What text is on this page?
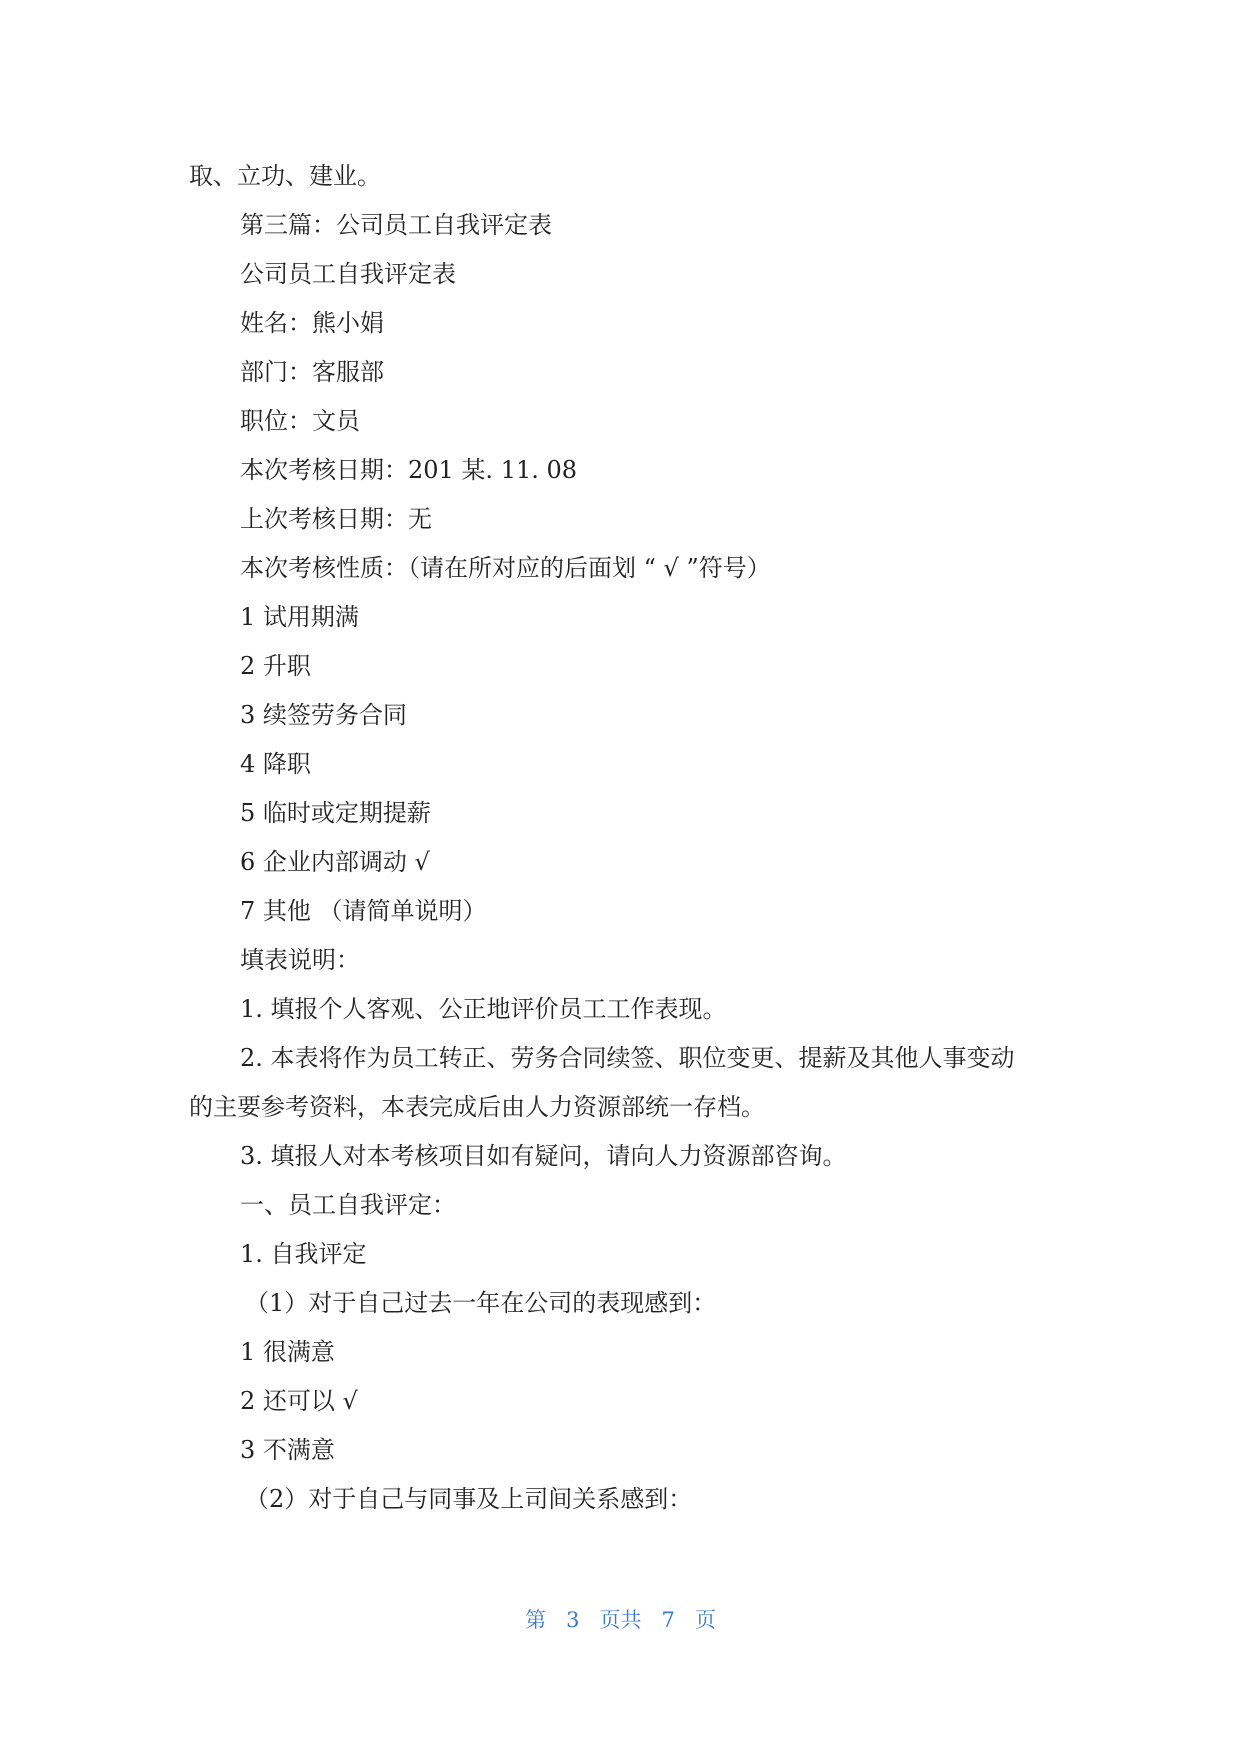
取、立功、建业。

第三篇：公司员工自我评定表

公司员工自我评定表

姓名：熊小娟

部门：客服部

职位：文员

本次考核日期：201 某. 11. 08

上次考核日期：无

本次考核性质：（请在所对应的后面划 “ √ ”符号）

1 试用期满

2 升职

3 续签劳务合同

4 降职

5 临时或定期提薪

6 企业内部调动 √

7 其他 （请简单说明）

填表说明：

1. 填报个人客观、公正地评价员工工作表现。

2. 本表将作为员工转正、劳务合同续签、职位变更、提薪及其他人事变动

的主要参考资料，本表完成后由人力资源部统一存档。

3. 填报人对本考核项目如有疑问，请向人力资源部咨询。

一、员工自我评定：

1. 自我评定

（1）对于自己过去一年在公司的表现感到：

1 很满意

2 还可以 √

3 不满意

（2）对于自己与同事及上司间关系感到：

第 3 页共 7 页
